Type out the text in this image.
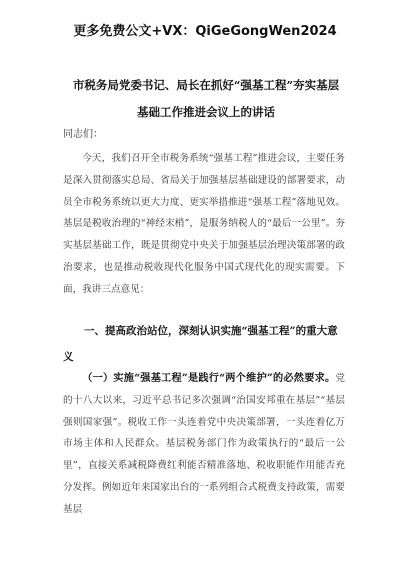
更多免费公文+VX：QiGeGongWen2024
市税务局党委书记、局长在抓好“强基工程”夯实基层基础工作推进会议上的讲话
同志们：

今天，我们召开全市税务系统“强基工程”推进会议，主要任务是深入贯彻落实总局、省局关于加强基层基础建设的部署要求，动员全市税务系统以更大力度、更实举措推进“强基工程”落地见效。基层是税收治理的“神经末梢”，是服务纳税人的“最后一公里”。夯实基层基础工作，既是贯彻党中央关于加强基层治理决策部署的政治要求，也是推动税收现代化服务中国式现代化的现实需要。下面，我讲三点意见：

一、提高政治站位，深刻认识实施“强基工程”的重大意义

（一）实施“强基工程”是践行“两个维护”的必然要求。党的十八大以来，习近平总书记多次强调“治国安邦重在基层”“基层强则国家强”。税收工作一头连着党中央决策部署，一头连着亿万市场主体和人民群众。基层税务部门作为政策执行的“最后一公里”，直接关系减税降费红利能否精准落地、税收职能作用能否充分发挥。例如近年来国家出台的一系列组合式税费支持政策，需要基层
